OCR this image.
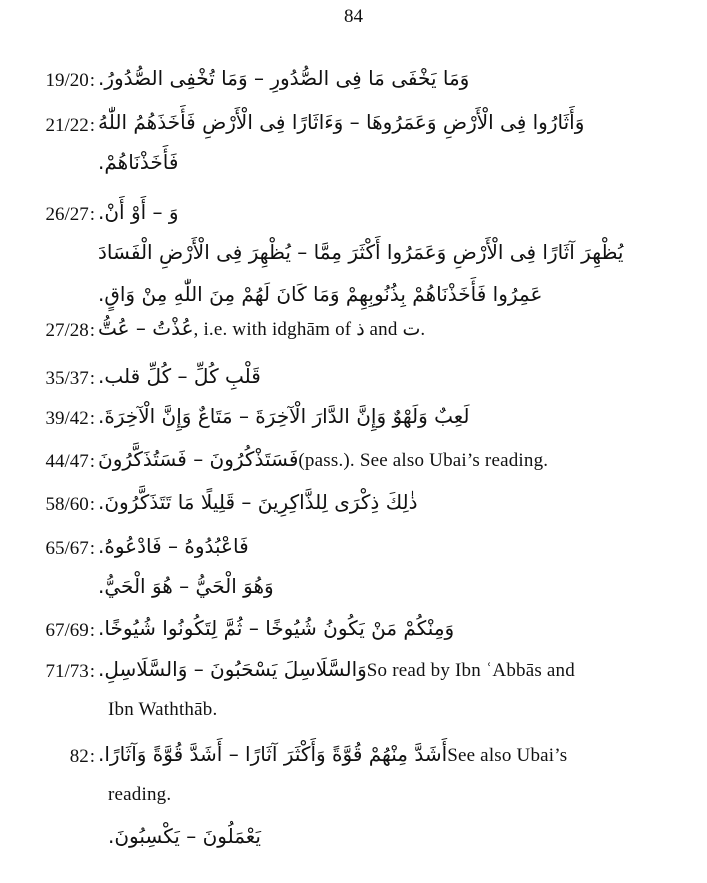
84
19/20: وَمَا يَخْفَى مَا فِى الصُّدُورِ – وَمَا تُخْفِى الصُّدُورُ.
21/22: وَأَثَارُوا فِى الْأَرْضِ وَعَمَرُوهَا – وَءَاثَارًا فِى الْأَرْضِ فَأَخَذَهُمُ اللّٰهُ
فَأَخَذْنَاهُمْ.
26/27: وَ – أَوْ أَنْ.
يُظْهِرَ آثَارًا فِى الْأَرْضِ وَعَمَرُوا أَكْثَرَ مِمَّا – يُظْهِرَ فِى الْأَرْضِ الْفَسَادَ
عَمِرُوا فَأَخَذْنَاهُمْ بِذُنُوبِهِمْ وَمَا كَانَ لَهُمْ مِنَ اللّٰهِ مِنْ وَاقٍ.
27/28: عُذْتُ – عُتُّ , i.e. with idghām of ذ and ت.
35/37: قَلْبِ كُلِّ – كُلِّ قلب.
39/42: لَعِبٌ وَلَهْوٌ وَإِنَّ الدَّارَ الْآخِرَةَ – مَتَاعٌ وَإِنَّ الْآخِرَةَ.
44/47: فَسَتَذْكُرُونَ – فَسَتُذَكَّرُونَ (pass.). See also Ubai’s reading.
58/60: ذٰلِكَ ذِكْرَى لِلذَّاكِرِينَ – قَلِيلًا مَا تَتَذَكَّرُونَ.
65/67: فَاعْبُدُوهُ – فَادْعُوهُ.
وَهُوَ الْحَيُّ – هُوَ الْحَيُّ.
67/69: وَمِنْكُمْ مَنْ يَكُونُ شُيُوخًا – ثُمَّ لِتَكُونُوا شُيُوخًا.
71/73: وَالسَّلَاسِلَ يَسْحَبُونَ – وَالسَّلَاسِلِ. So read by Ibn ʿAbbās and
Ibn Waththāb.
82: أَشَدَّ مِنْهُمْ قُوَّةً وَأَكْثَرَ آثَارًا – أَشَدَّ قُوَّةً وَآثَارًا. See also Ubai’s
reading.
يَعْمَلُونَ – يَكْسِبُونَ.
